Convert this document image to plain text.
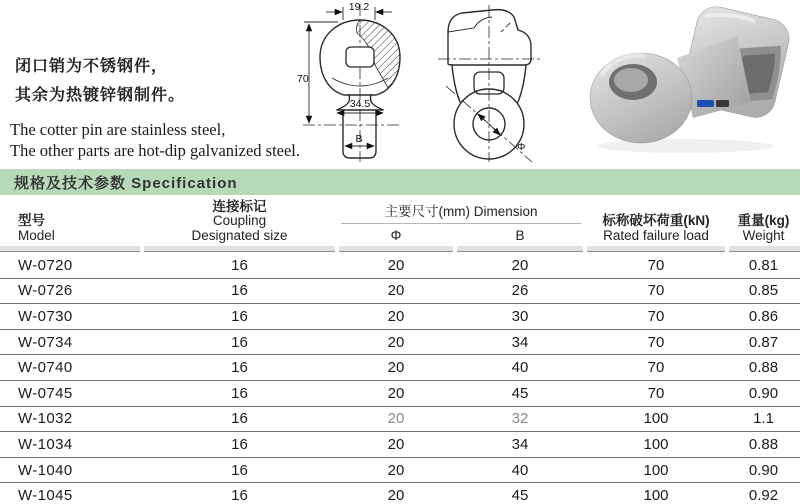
闭口销为不锈钢件，
其余为热镀锌钢制件。
The cotter pin are stainless steel,
The other parts are hot-dip galvanized steel.
19.2
70
34.5
B
Φ
规格及技术参数 Specification
型号
Model
连接标记
Coupling
Designated size
主要尺寸(mm) Dimension
Φ	B
标称破坏荷重(kN)
Rated failure load
重量(kg)
Weight
W-0720	16	20	20	70	0.81
W-0726	16	20	26	70	0.85
W-0730	16	20	30	70	0.86
W-0734	16	20	34	70	0.87
W-0740	16	20	40	70	0.88
W-0745	16	20	45	70	0.90
W-1032	16	20	32	100	1.1
W-1034	16	20	34	100	0.88
W-1040	16	20	40	100	0.90
W-1045	16	20	45	100	0.92
